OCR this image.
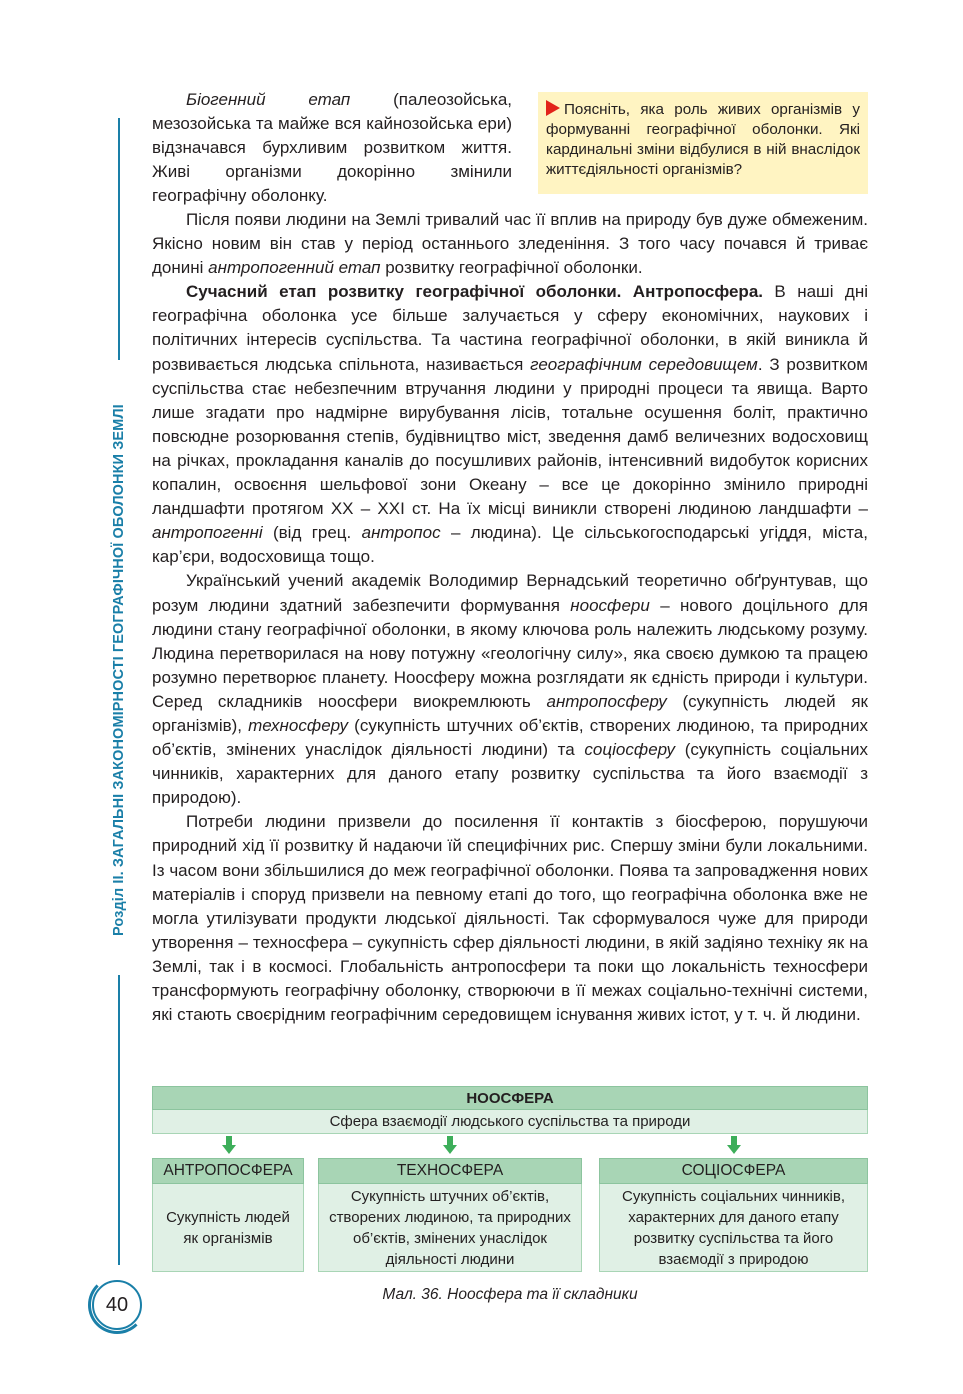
Розділ ІІ. ЗАГАЛЬНІ ЗАКОНОМІРНОСТІ ГЕОГРАФІЧНОЇ ОБОЛОНКИ ЗЕМЛІ
Поясніть, яка роль живих організмів у формуванні географічної оболонки. Які кардинальні зміни відбулися в ній внаслідок життєдіяльності організмів?

Біогенний етап (палеозойська, мезозойська та майже вся кайнозойська ери) відзначався бурхливим розвитком життя. Живі організми докорінно змінили географічну оболонку.

Після появи людини на Землі тривалий час її вплив на природу був дуже обмеженим. Якісно новим він став у період останнього зледеніння. З того часу почався й триває донині антропогенний етап розвитку географічної оболонки.

Сучасний етап розвитку географічної оболонки. Антропосфера. В наші дні географічна оболонка усе більше залучається у сферу економічних, наукових і політичних інтересів суспільства. Та частина географічної оболонки, в якій виникла й розвивається людська спільнота, називається географічним середовищем. З розвитком суспільства стає небезпечним втручання людини у природні процеси та явища. Варто лише згадати про надмірне вирубування лісів, тотальне осушення боліт, практично повсюдне розорювання степів, будівництво міст, зведення дамб величезних водосховищ на річках, прокладання каналів до посушливих районів, інтенсивний видобуток корисних копалин, освоєння шельфової зони Океану – все це докорінно змінило природні ландшафти протягом XX – XXI ст. На їх місці виникли створені людиною ландшафти – антропогенні (від грец. антропос – людина). Це сільськогосподарські угіддя, міста, кар’єри, водосховища тощо.

Український учений академік Володимир Вернадський теоретично обґрунтував, що розум людини здатний забезпечити формування ноосфери – нового доцільного для людини стану географічної оболонки, в якому ключова роль належить людському розуму. Людина перетворилася на нову потужну «геологічну силу», яка своєю думкою та працею розумно перетворює планету. Ноосферу можна розглядати як єдність природи і культури. Серед складників ноосфери виокремлюють антропосферу (сукупність людей як організмів), техносферу (сукупність штучних об’єктів, створених людиною, та природних об’єктів, змінених унаслідок діяльності людини) та соціосферу (сукупність соціальних чинників, характерних для даного етапу розвитку суспільства та його взаємодії з природою).

Потреби людини призвели до посилення її контактів з біосферою, порушуючи природний хід її розвитку й надаючи їй специфічних рис. Спершу зміни були локальними. Із часом вони збільшилися до меж географічної оболонки. Поява та запровадження нових матеріалів і споруд призвели на певному етапі до того, що географічна оболонка вже не могла утилізувати продукти людської діяльності. Так сформувалося чуже для природи утворення – техносфера – сукупність сфер діяльності людини, в якій задіяно техніку як на Землі, так і в космосі. Глобальність антропосфери та поки що локальність техносфери трансформують географічну оболонку, створюючи в її межах соціально-технічні системи, які стають своєрідним географічним середовищем існування живих істот, у т. ч. й людини.

НООСФЕРА
Сфера взаємодії людського суспільства та природи
АНТРОПОСФЕРА
Сукупність людей як організмів
ТЕХНОСФЕРА
Сукупність штучних об’єктів, створених людиною, та природних об’єктів, змінених унаслідок діяльності людини
СОЦІОСФЕРА
Сукупність соціальних чинників, характерних для даного етапу розвитку суспільства та його взаємодії з природою
Мал. 36. Ноосфера та її складники
40
